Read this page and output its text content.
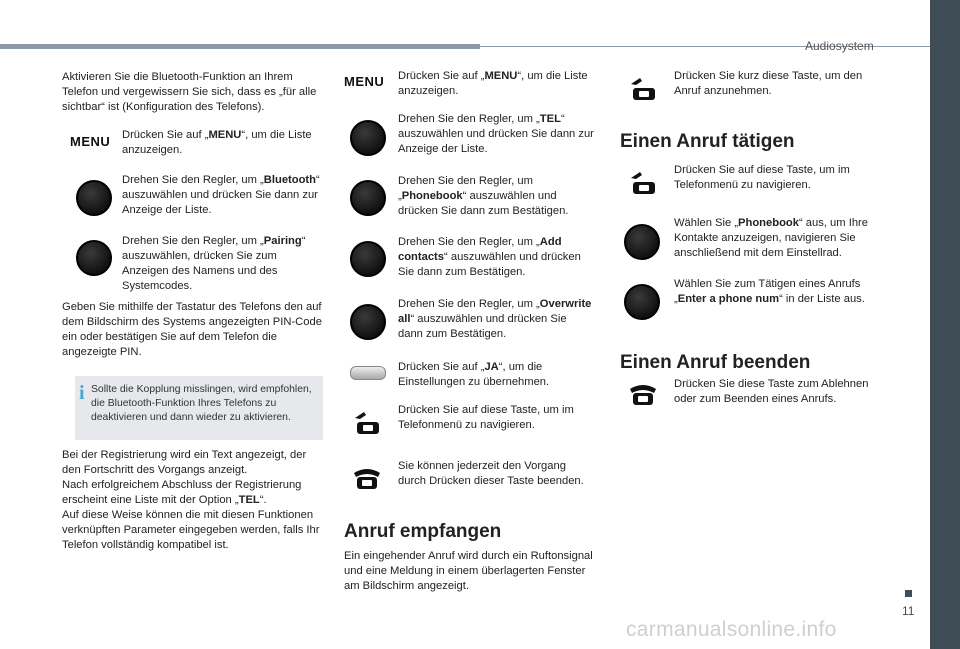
Audiosystem
11
carmanualsonline.info

Aktivieren Sie die Bluetooth-Funktion an Ihrem Telefon und vergewissern Sie sich, dass es „für alle sichtbar“ ist (Konfiguration des Telefons).

MENU Drücken Sie auf „MENU“, um die Liste anzuzeigen.

Drehen Sie den Regler, um „Bluetooth“ auszuwählen und drücken Sie dann zur Anzeige der Liste.

Drehen Sie den Regler, um „Pairing“ auszuwählen, drücken Sie zum Anzeigen des Namens und des Systemcodes.

Geben Sie mithilfe der Tastatur des Telefons den auf dem Bildschirm des Systems angezeigten PIN-Code ein oder bestätigen Sie auf dem Telefon die angezeigte PIN.

i Sollte die Kopplung misslingen, wird empfohlen, die Bluetooth-Funktion Ihres Telefons zu deaktivieren und dann wieder zu aktivieren.

Bei der Registrierung wird ein Text angezeigt, der den Fortschritt des Vorgangs anzeigt.

Nach erfolgreichem Abschluss der Registrierung erscheint eine Liste mit der Option „TEL“.

Auf diese Weise können die mit diesen Funktionen verknüpften Parameter eingegeben werden, falls Ihr Telefon vollständig kompatibel ist.

MENU Drücken Sie auf „MENU“, um die Liste anzuzeigen.

Drehen Sie den Regler, um „TEL“ auszuwählen und drücken Sie dann zur Anzeige der Liste.

Drehen Sie den Regler, um „Phonebook“ auszuwählen und drücken Sie dann zum Bestätigen.

Drehen Sie den Regler, um „Add contacts“ auszuwählen und drücken Sie dann zum Bestätigen.

Drehen Sie den Regler, um „Overwrite all“ auszuwählen und drücken Sie dann zum Bestätigen.

Drücken Sie auf „JA“, um die Einstellungen zu übernehmen.

Drücken Sie auf diese Taste, um im Telefonmenü zu navigieren.

Sie können jederzeit den Vorgang durch Drücken dieser Taste beenden.

Anruf empfangen

Ein eingehender Anruf wird durch ein Ruftonsignal und eine Meldung in einem überlagerten Fenster am Bildschirm angezeigt.

Drücken Sie kurz diese Taste, um den Anruf anzunehmen.

Einen Anruf tätigen

Drücken Sie auf diese Taste, um im Telefonmenü zu navigieren.

Wählen Sie „Phonebook“ aus, um Ihre Kontakte anzuzeigen, navigieren Sie anschließend mit dem Einstellrad.

Wählen Sie zum Tätigen eines Anrufs „Enter a phone num“ in der Liste aus.

Einen Anruf beenden

Drücken Sie diese Taste zum Ablehnen oder zum Beenden eines Anrufs.
